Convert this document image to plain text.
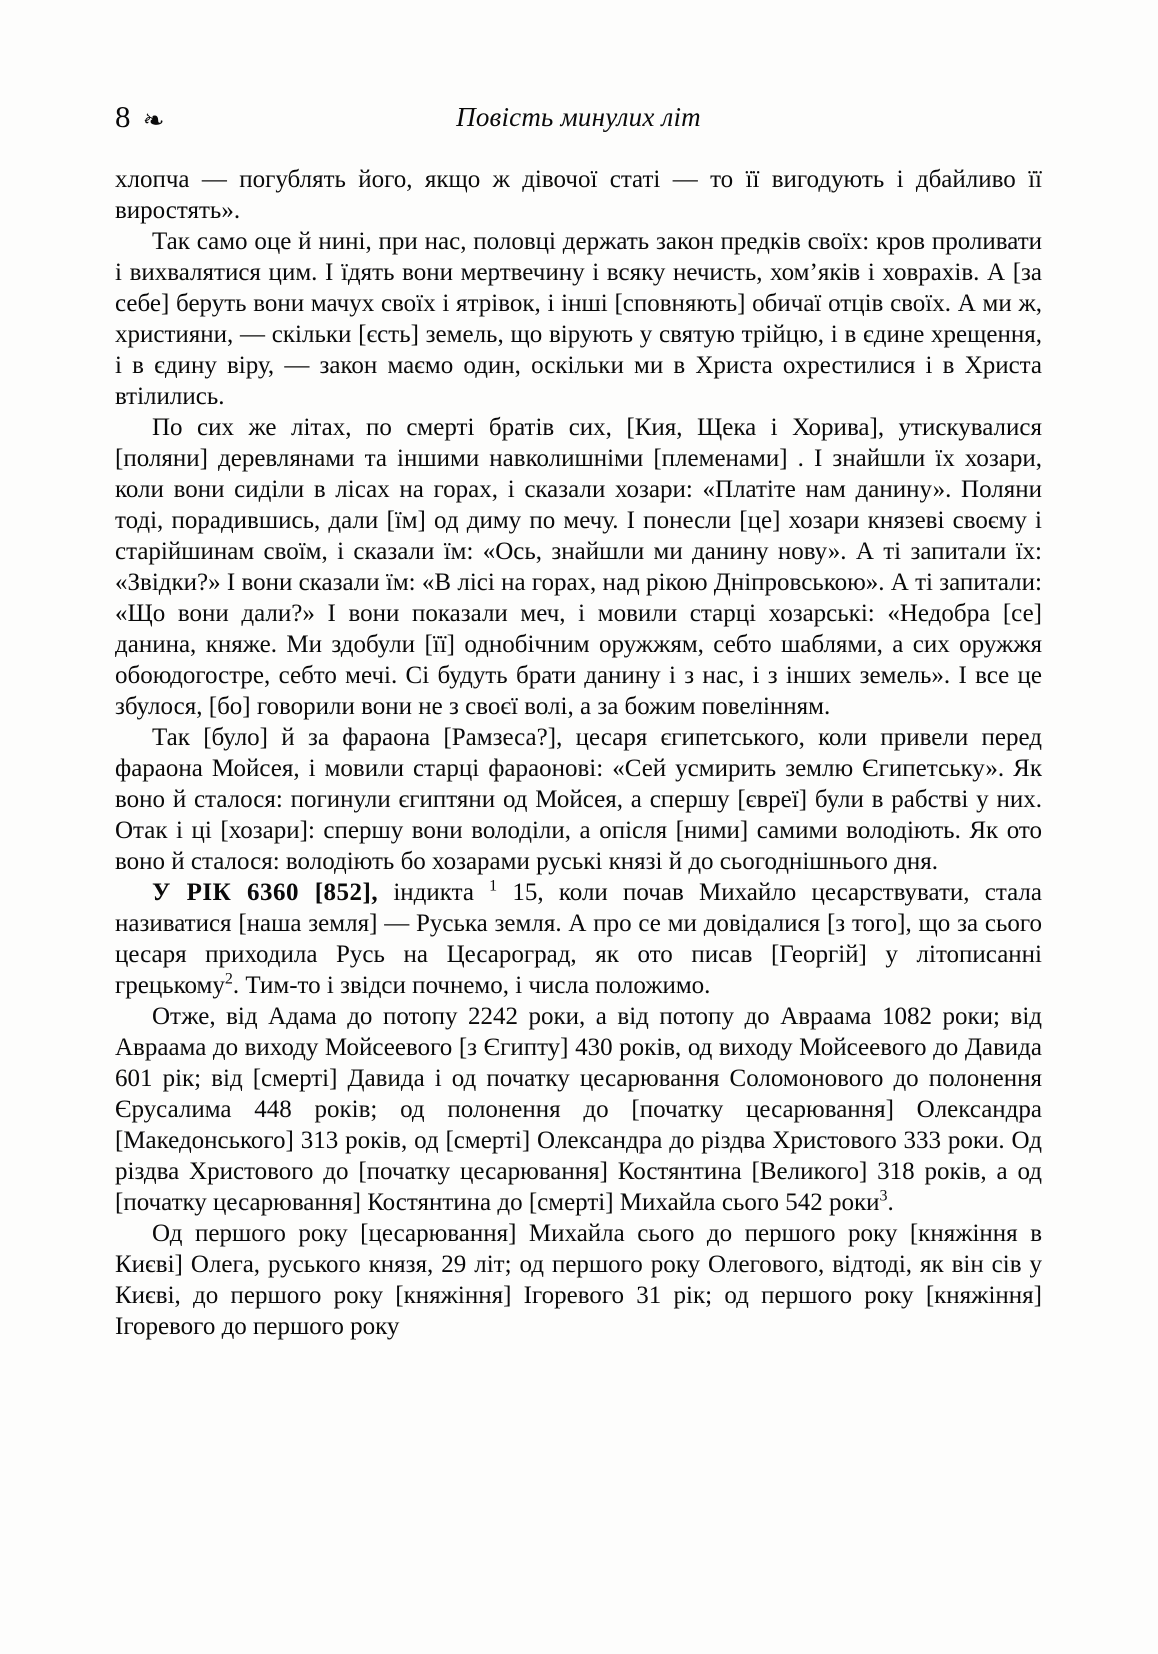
8 ❧	Повість минулих літ

хлопча — погублять його, якщо ж дівочої статі — то її вигодують і дбайливо її виростять».

Так само оце й нині, при нас, половці держать закон предків своїх: кров проливати і вихвалятися цим. І їдять вони мертвечину і всяку нечисть, хом’яків і ховрахів. А [за себе] беруть вони мачух своїх і ятрівок, і інші [сповняють] обичаї отців своїх. А ми ж, християни, — скільки [єсть] земель, що вірують у святую трійцю, і в єдине хрещення, і в єдину віру, — закон маємо один, оскільки ми в Христа охрестилися і в Христа втілились.

По сих же літах, по смерті братів сих, [Кия, Щека і Хорива], утискувалися [поляни] деревлянами та іншими навколишніми [племенами] . І знайшли їх хозари, коли вони сиділи в лісах на горах, і сказали хозари: «Платіте нам данину». Поляни тоді, порадившись, дали [їм] од диму по мечу. І понесли [це] хозари князеві своєму і старійшинам своїм, і сказали їм: «Ось, знайшли ми данину нову». А ті запитали їх: «Звідки?» І вони сказали їм: «В лісі на горах, над рікою Дніпровською». А ті запитали: «Що вони дали?» І вони показали меч, і мовили старці хозарські: «Недобра [се] данина, княже. Ми здобули [її] однобічним оружжям, себто шаблями, а сих оружжя обоюдогостре, себто мечі. Сі будуть брати данину і з нас, і з інших земель». І все це збулося, [бо] говорили вони не з своєї волі, а за божим повелінням.

Так [було] й за фараона [Рамзеса?], цесаря єгипетського, коли привели перед фараона Мойсея, і мовили старці фараонові: «Сей усмирить землю Єгипетську». Як воно й сталося: погинули єгиптяни од Мойсея, а спершу [євреї] були в рабстві у них. Отак і ці [хозари]: спершу вони володіли, а опісля [ними] самими володіють. Як ото воно й сталося: володіють бо хозарами руські князі й до сьогоднішнього дня.

У РІК 6360 [852], індикта $^1$ 15, коли почав Михайло цесарствувати, стала називатися [наша земля] — Руська земля. А про се ми довідалися [з того], що за сього цесаря приходила Русь на Цесароград, як ото писав [Георгій] у літописанні грецькому$^2$. Тим-то і звідси почнемо, і числа положимо.

Отже, від Адама до потопу 2242 роки, а від потопу до Авраама 1082 роки; від Авраама до виходу Мойсеевого [з Єгипту] 430 років, од виходу Мойсеевого до Давида 601 рік; від [смерті] Давида і од початку цесарювання Соломонового до полонення Єрусалима 448 років; од полонення до [початку цесарювання] Олександра [Македонського] 313 років, од [смерті] Олександра до різдва Христового 333 роки. Од різдва Христового до [початку цесарювання] Костянтина [Великого] 318 років, а од [початку цесарювання] Костянтина до [смерті] Михайла сього 542 роки$^3$.

Од першого року [цесарювання] Михайла сього до першого року [княжіння в Києві] Олега, руського князя, 29 літ; од першого року Олегового, відтоді, як він сів у Києві, до першого року [княжіння] Ігоревого 31 рік; од першого року [княжіння] Ігоревого до першого року
